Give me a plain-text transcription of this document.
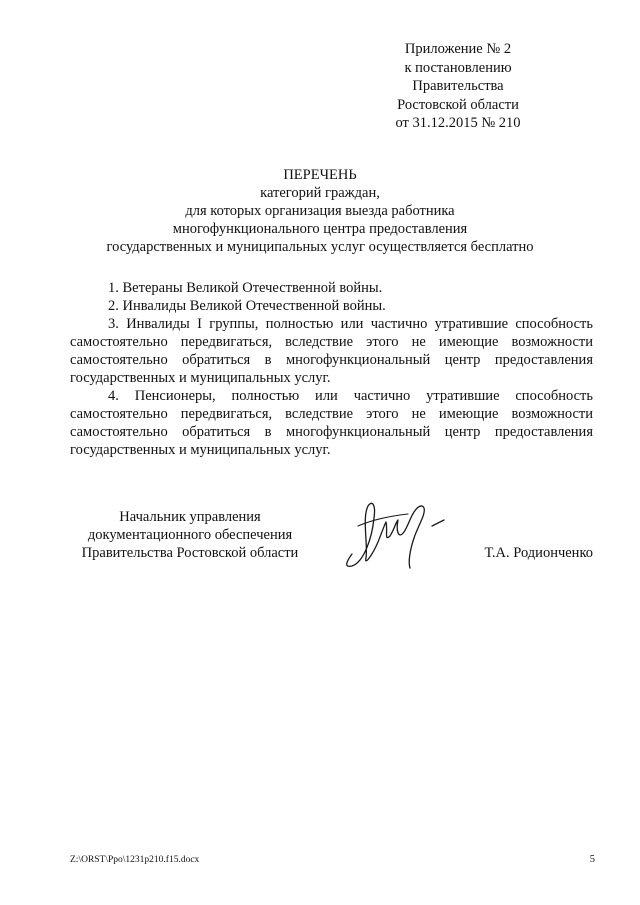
Приложение № 2
к постановлению
Правительства
Ростовской области
от 31.12.2015 № 210
ПЕРЕЧЕНЬ
категорий граждан,
для которых организация выезда работника
многофункционального центра предоставления
государственных и муниципальных услуг осуществляется бесплатно

1. Ветераны Великой Отечественной войны.

2. Инвалиды Великой Отечественной войны.

3. Инвалиды I группы, полностью или частично утратившие способность самостоятельно передвигаться, вследствие этого не имеющие возможности самостоятельно обратиться в многофункциональный центр предоставления государственных и муниципальных услуг.

4. Пенсионеры, полностью или частично утратившие способность самостоятельно передвигаться, вследствие этого не имеющие возможности самостоятельно обратиться в многофункциональный центр предоставления государственных и муниципальных услуг.

Начальник управления
документационного обеспечения
Правительства Ростовской области	Т.А. Родионченко
Z:\ORST\Ppo\1231p210.f15.docx	5
